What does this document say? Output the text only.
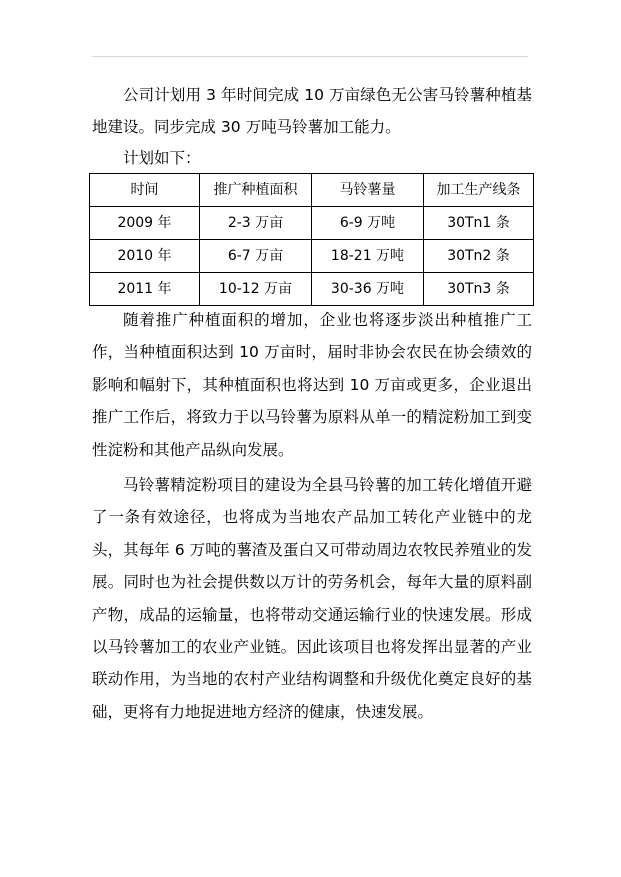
公司计划用 3 年时间完成 10 万亩绿色无公害马铃薯种植基地建设。同步完成 30 万吨马铃薯加工能力。

计划如下：
时间	推广种植面积	马铃薯量	加工生产线条
2009 年	2-3 万亩	6-9 万吨	30Tn1 条
2010 年	6-7 万亩	18-21 万吨	30Tn2 条
2011 年	10-12 万亩	30-36 万吨	30Tn3 条

随着推广种植面积的增加，企业也将逐步淡出种植推广工作，当种植面积达到 10 万亩时，届时非协会农民在协会绩效的影响和幅射下，其种植面积也将达到 10 万亩或更多，企业退出推广工作后，将致力于以马铃薯为原料从单一的精淀粉加工到变性淀粉和其他产品纵向发展。

马铃薯精淀粉项目的建设为全县马铃薯的加工转化增值开避了一条有效途径，也将成为当地农产品加工转化产业链中的龙头，其每年 6 万吨的薯渣及蛋白又可带动周边农牧民养殖业的发展。同时也为社会提供数以万计的劳务机会，每年大量的原料副产物，成品的运输量，也将带动交通运输行业的快速发展。形成以马铃薯加工的农业产业链。因此该项目也将发挥出显著的产业联动作用，为当地的农村产业结构调整和升级优化奠定良好的基础，更将有力地捉进地方经济的健康，快速发展。
